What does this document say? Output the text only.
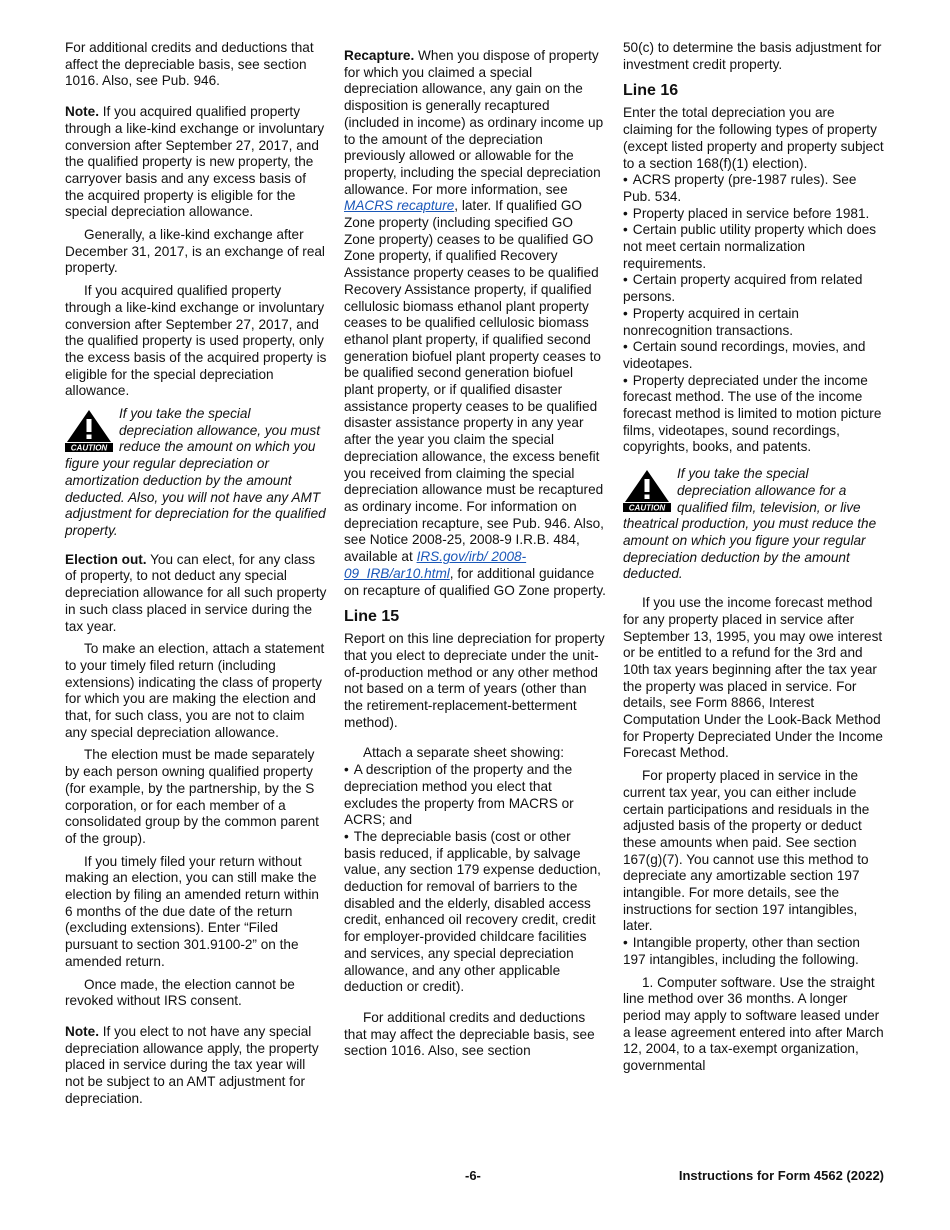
For additional credits and deductions that affect the depreciable basis, see section 1016. Also, see Pub. 946.

Note. If you acquired qualified property through a like-kind exchange or involuntary conversion after September 27, 2017, and the qualified property is new property, the carryover basis and any excess basis of the acquired property is eligible for the special depreciation allowance.

Generally, a like-kind exchange after December 31, 2017, is an exchange of real property.

If you acquired qualified property through a like-kind exchange or involuntary conversion after September 27, 2017, and the qualified property is used property, only the excess basis of the acquired property is eligible for the special depreciation allowance.

CAUTION
If you take the special depreciation allowance, you must reduce the amount on which you figure your regular depreciation or amortization deduction by the amount deducted. Also, you will not have any AMT adjustment for depreciation for the qualified property.

Election out. You can elect, for any class of property, to not deduct any special depreciation allowance for all such property in such class placed in service during the tax year.

To make an election, attach a statement to your timely filed return (including extensions) indicating the class of property for which you are making the election and that, for such class, you are not to claim any special depreciation allowance.

The election must be made separately by each person owning qualified property (for example, by the partnership, by the S corporation, or for each member of a consolidated group by the common parent of the group).

If you timely filed your return without making an election, you can still make the election by filing an amended return within 6 months of the due date of the return (excluding extensions). Enter “Filed pursuant to section 301.9100-2” on the amended return.

Once made, the election cannot be revoked without IRS consent.

Note. If you elect to not have any special depreciation allowance apply, the property placed in service during the tax year will not be subject to an AMT adjustment for depreciation.

Recapture. When you dispose of property for which you claimed a special depreciation allowance, any gain on the disposition is generally recaptured (included in income) as ordinary income up to the amount of the depreciation previously allowed or allowable for the property, including the special depreciation allowance. For more information, see MACRS recapture, later. If qualified GO Zone property (including specified GO Zone property) ceases to be qualified GO Zone property, if qualified Recovery Assistance property ceases to be qualified Recovery Assistance property, if qualified cellulosic biomass ethanol plant property ceases to be qualified cellulosic biomass ethanol plant property, if qualified second generation biofuel plant property ceases to be qualified second generation biofuel plant property, or if qualified disaster assistance property ceases to be qualified disaster assistance property in any year after the year you claim the special depreciation allowance, the excess benefit you received from claiming the special depreciation allowance must be recaptured as ordinary income. For information on depreciation recapture, see Pub. 946. Also, see Notice 2008-25, 2008-9 I.R.B. 484, available at IRS.gov/irb/ 2008-09_IRB/ar10.html, for additional guidance on recapture of qualified GO Zone property.

Line 15

Report on this line depreciation for property that you elect to depreciate under the unit-of-production method or any other method not based on a term of years (other than the retirement-replacement-betterment method).

Attach a separate sheet showing:

• A description of the property and the depreciation method you elect that excludes the property from MACRS or ACRS; and

• The depreciable basis (cost or other basis reduced, if applicable, by salvage value, any section 179 expense deduction, deduction for removal of barriers to the disabled and the elderly, disabled access credit, enhanced oil recovery credit, credit for employer-provided childcare facilities and services, any special depreciation allowance, and any other applicable deduction or credit).

For additional credits and deductions that may affect the depreciable basis, see section 1016. Also, see section

50(c) to determine the basis adjustment for investment credit property.

Line 16

Enter the total depreciation you are claiming for the following types of property (except listed property and property subject to a section 168(f)(1) election).

• ACRS property (pre-1987 rules). See Pub. 534.

• Property placed in service before 1981.

• Certain public utility property which does not meet certain normalization requirements.

• Certain property acquired from related persons.

• Property acquired in certain nonrecognition transactions.

• Certain sound recordings, movies, and videotapes.

• Property depreciated under the income forecast method. The use of the income forecast method is limited to motion picture films, videotapes, sound recordings, copyrights, books, and patents.

CAUTION
If you take the special depreciation allowance for a qualified film, television, or live theatrical production, you must reduce the amount on which you figure your regular depreciation deduction by the amount deducted.

If you use the income forecast method for any property placed in service after September 13, 1995, you may owe interest or be entitled to a refund for the 3rd and 10th tax years beginning after the tax year the property was placed in service. For details, see Form 8866, Interest Computation Under the Look-Back Method for Property Depreciated Under the Income Forecast Method.

For property placed in service in the current tax year, you can either include certain participations and residuals in the adjusted basis of the property or deduct these amounts when paid. See section 167(g)(7). You cannot use this method to depreciate any amortizable section 197 intangible. For more details, see the instructions for section 197 intangibles, later.

• Intangible property, other than section 197 intangibles, including the following.

1. Computer software. Use the straight line method over 36 months. A longer period may apply to software leased under a lease agreement entered into after March 12, 2004, to a tax-exempt organization, governmental

-6-	Instructions for Form 4562 (2022)
